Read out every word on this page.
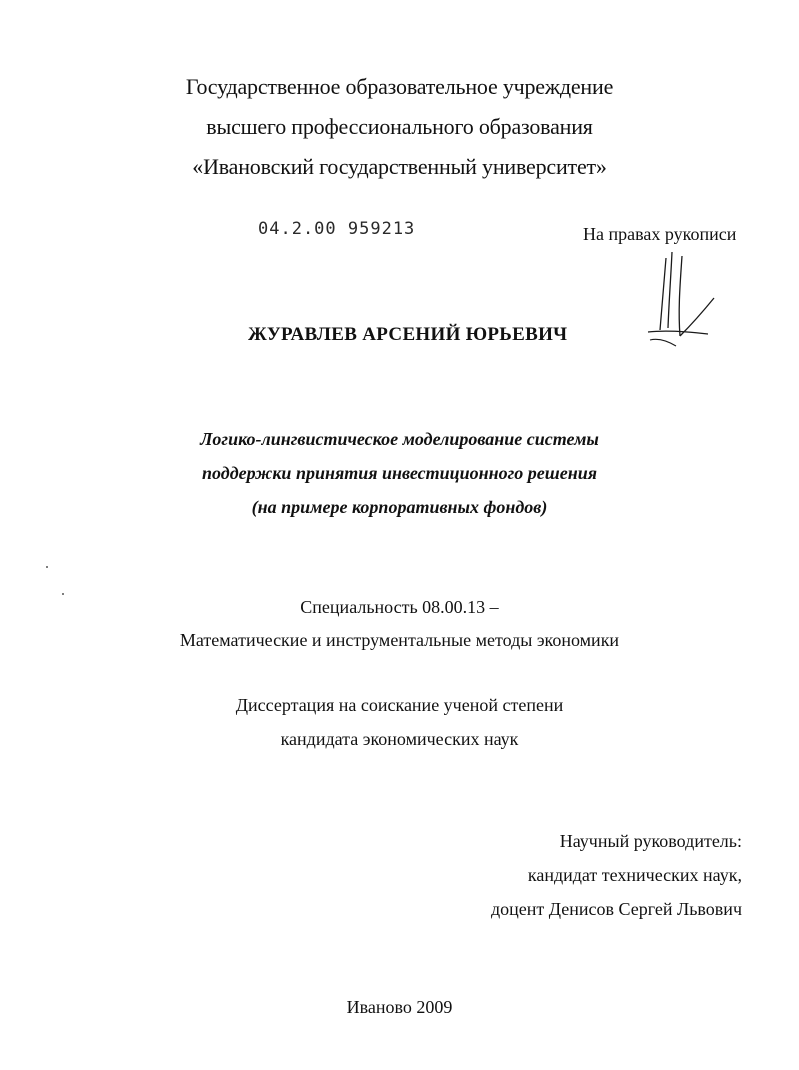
Государственное образовательное учреждение
высшего профессионального образования
«Ивановский государственный университет»
04.2.00 959213	На правах рукописи
ЖУРАВЛЕВ АРСЕНИЙ ЮРЬЕВИЧ
Логико-лингвистическое моделирование системы
поддержки принятия инвестиционного решения
(на примере корпоративных фондов)
Специальность 08.00.13 –
Математические и инструментальные методы экономики
Диссертация на соискание ученой степени
кандидата экономических наук
Научный руководитель:
кандидат технических наук,
доцент Денисов Сергей Львович
Иваново 2009
